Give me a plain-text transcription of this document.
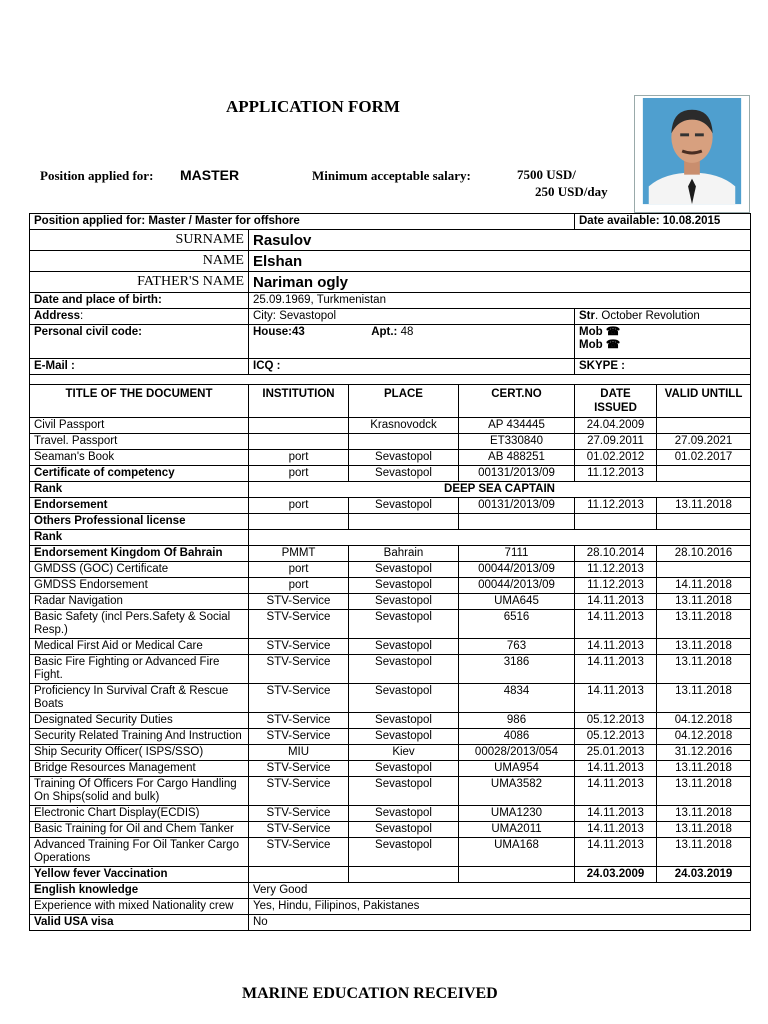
APPLICATION FORM
Position applied for: MASTER	Minimum acceptable salary:	7500 USD/
250 USD/day
Position applied for: Master / Master for offshore				Date available: 10.08.2015	
SURNAME	Rasulov				
NAME	Elshan				
FATHER'S NAME	Nariman ogly				
Date and place of birth:	25.09.1969, Turkmenistan				
Address:	City: Sevastopol			Str. October Revolution	
Personal civil code:	House:43 Apt.: 48			Mob ☎
Mob ☎	

E-Mail :	ICQ :			SKYPE :	

TITLE OF THE DOCUMENT	INSTITUTION	PLACE	CERT.NO	DATE ISSUED	VALID UNTILL
Civil Passport		Krasnovodck	AP 434445	24.04.2009	
Travel. Passport			ET330840	27.09.2011	27.09.2021
Seaman's Book	port	Sevastopol	AB 488251	01.02.2012	01.02.2017
Certificate of competency	port	Sevastopol	00131/2013/09	11.12.2013	
Rank	DEEP SEA CAPTAIN				
Endorsement	port	Sevastopol	00131/2013/09	11.12.2013	13.11.2018
Others Professional license					
Rank					
Endorsement Kingdom Of Bahrain	PMMT	Bahrain	7111	28.10.2014	28.10.2016
GMDSS (GOC) Certificate	port	Sevastopol	00044/2013/09	11.12.2013	
GMDSS Endorsement	port	Sevastopol	00044/2013/09	11.12.2013	14.11.2018
Radar Navigation	STV-Service	Sevastopol	UMA645	14.11.2013	13.11.2018
Basic Safety (incl Pers.Safety & Social Resp.)	STV-Service	Sevastopol	6516	14.11.2013	13.11.2018
Medical First Aid or Medical Care	STV-Service	Sevastopol	763	14.11.2013	13.11.2018
Basic Fire Fighting or Advanced Fire Fight.	STV-Service	Sevastopol	3186	14.11.2013	13.11.2018
Proficiency In Survival Craft & Rescue Boats	STV-Service	Sevastopol	4834	14.11.2013	13.11.2018
Designated Security Duties	STV-Service	Sevastopol	986	05.12.2013	04.12.2018
Security Related Training And Instruction	STV-Service	Sevastopol	4086	05.12.2013	04.12.2018
Ship Security Officer( ISPS/SSO)	MIU	Kiev	00028/2013/054	25.01.2013	31.12.2016
Bridge Resources Management	STV-Service	Sevastopol	UMA954	14.11.2013	13.11.2018
Training Of Officers For Cargo Handling On Ships(solid and bulk)	STV-Service	Sevastopol	UMA3582	14.11.2013	13.11.2018
Electronic Chart Display(ECDIS)	STV-Service	Sevastopol	UMA1230	14.11.2013	13.11.2018
Basic Training for Oil and Chem Tanker	STV-Service	Sevastopol	UMA2011	14.11.2013	13.11.2018
Advanced Training For Oil Tanker Cargo Operations	STV-Service	Sevastopol	UMA168	14.11.2013	13.11.2018
Yellow fever Vaccination				24.03.2009	24.03.2019
English knowledge	Very Good				
Experience with mixed Nationality crew	Yes, Hindu, Filipinos, Pakistanes				
Valid USA visa	No				
MARINE EDUCATION RECEIVED
